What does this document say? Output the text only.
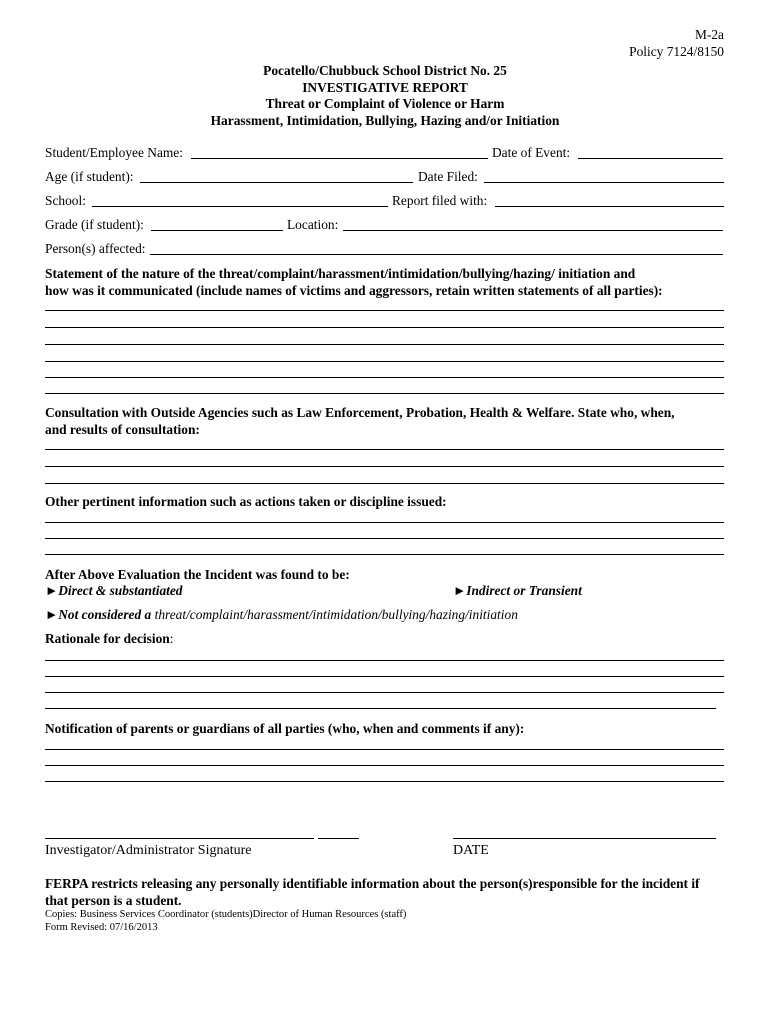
M-2a
Policy 7124/8150
Pocatello/Chubbuck School District No. 25
INVESTIGATIVE REPORT
Threat or Complaint of Violence or Harm
Harassment, Intimidation, Bullying, Hazing and/or Initiation
Student/Employee Name:	Date of Event:
Age (if student):	Date Filed:
School:	Report filed with:
Grade (if student):	Location:
Person(s) affected:
Statement of the nature of the threat/complaint/harassment/intimidation/bullying/hazing/ initiation and
how was it communicated (include names of victims and aggressors, retain written statements of all parties):
Consultation with Outside Agencies such as Law Enforcement, Probation, Health & Welfare. State who, when,
and results of consultation:
Other pertinent information such as actions taken or discipline issued:
After Above Evaluation the Incident was found to be:
►Direct & substantiated	►Indirect or Transient
►Not considered a threat/complaint/harassment/intimidation/bullying/hazing/initiation
Rationale for decision:
Notification of parents or guardians of all parties (who, when and comments if any):
Investigator/Administrator Signature	DATE
FERPA restricts releasing any personally identifiable information about the person(s)responsible for the incident if
that person is a student.
Copies: Business Services Coordinator (students)Director of Human Resources (staff)
Form Revised: 07/16/2013
